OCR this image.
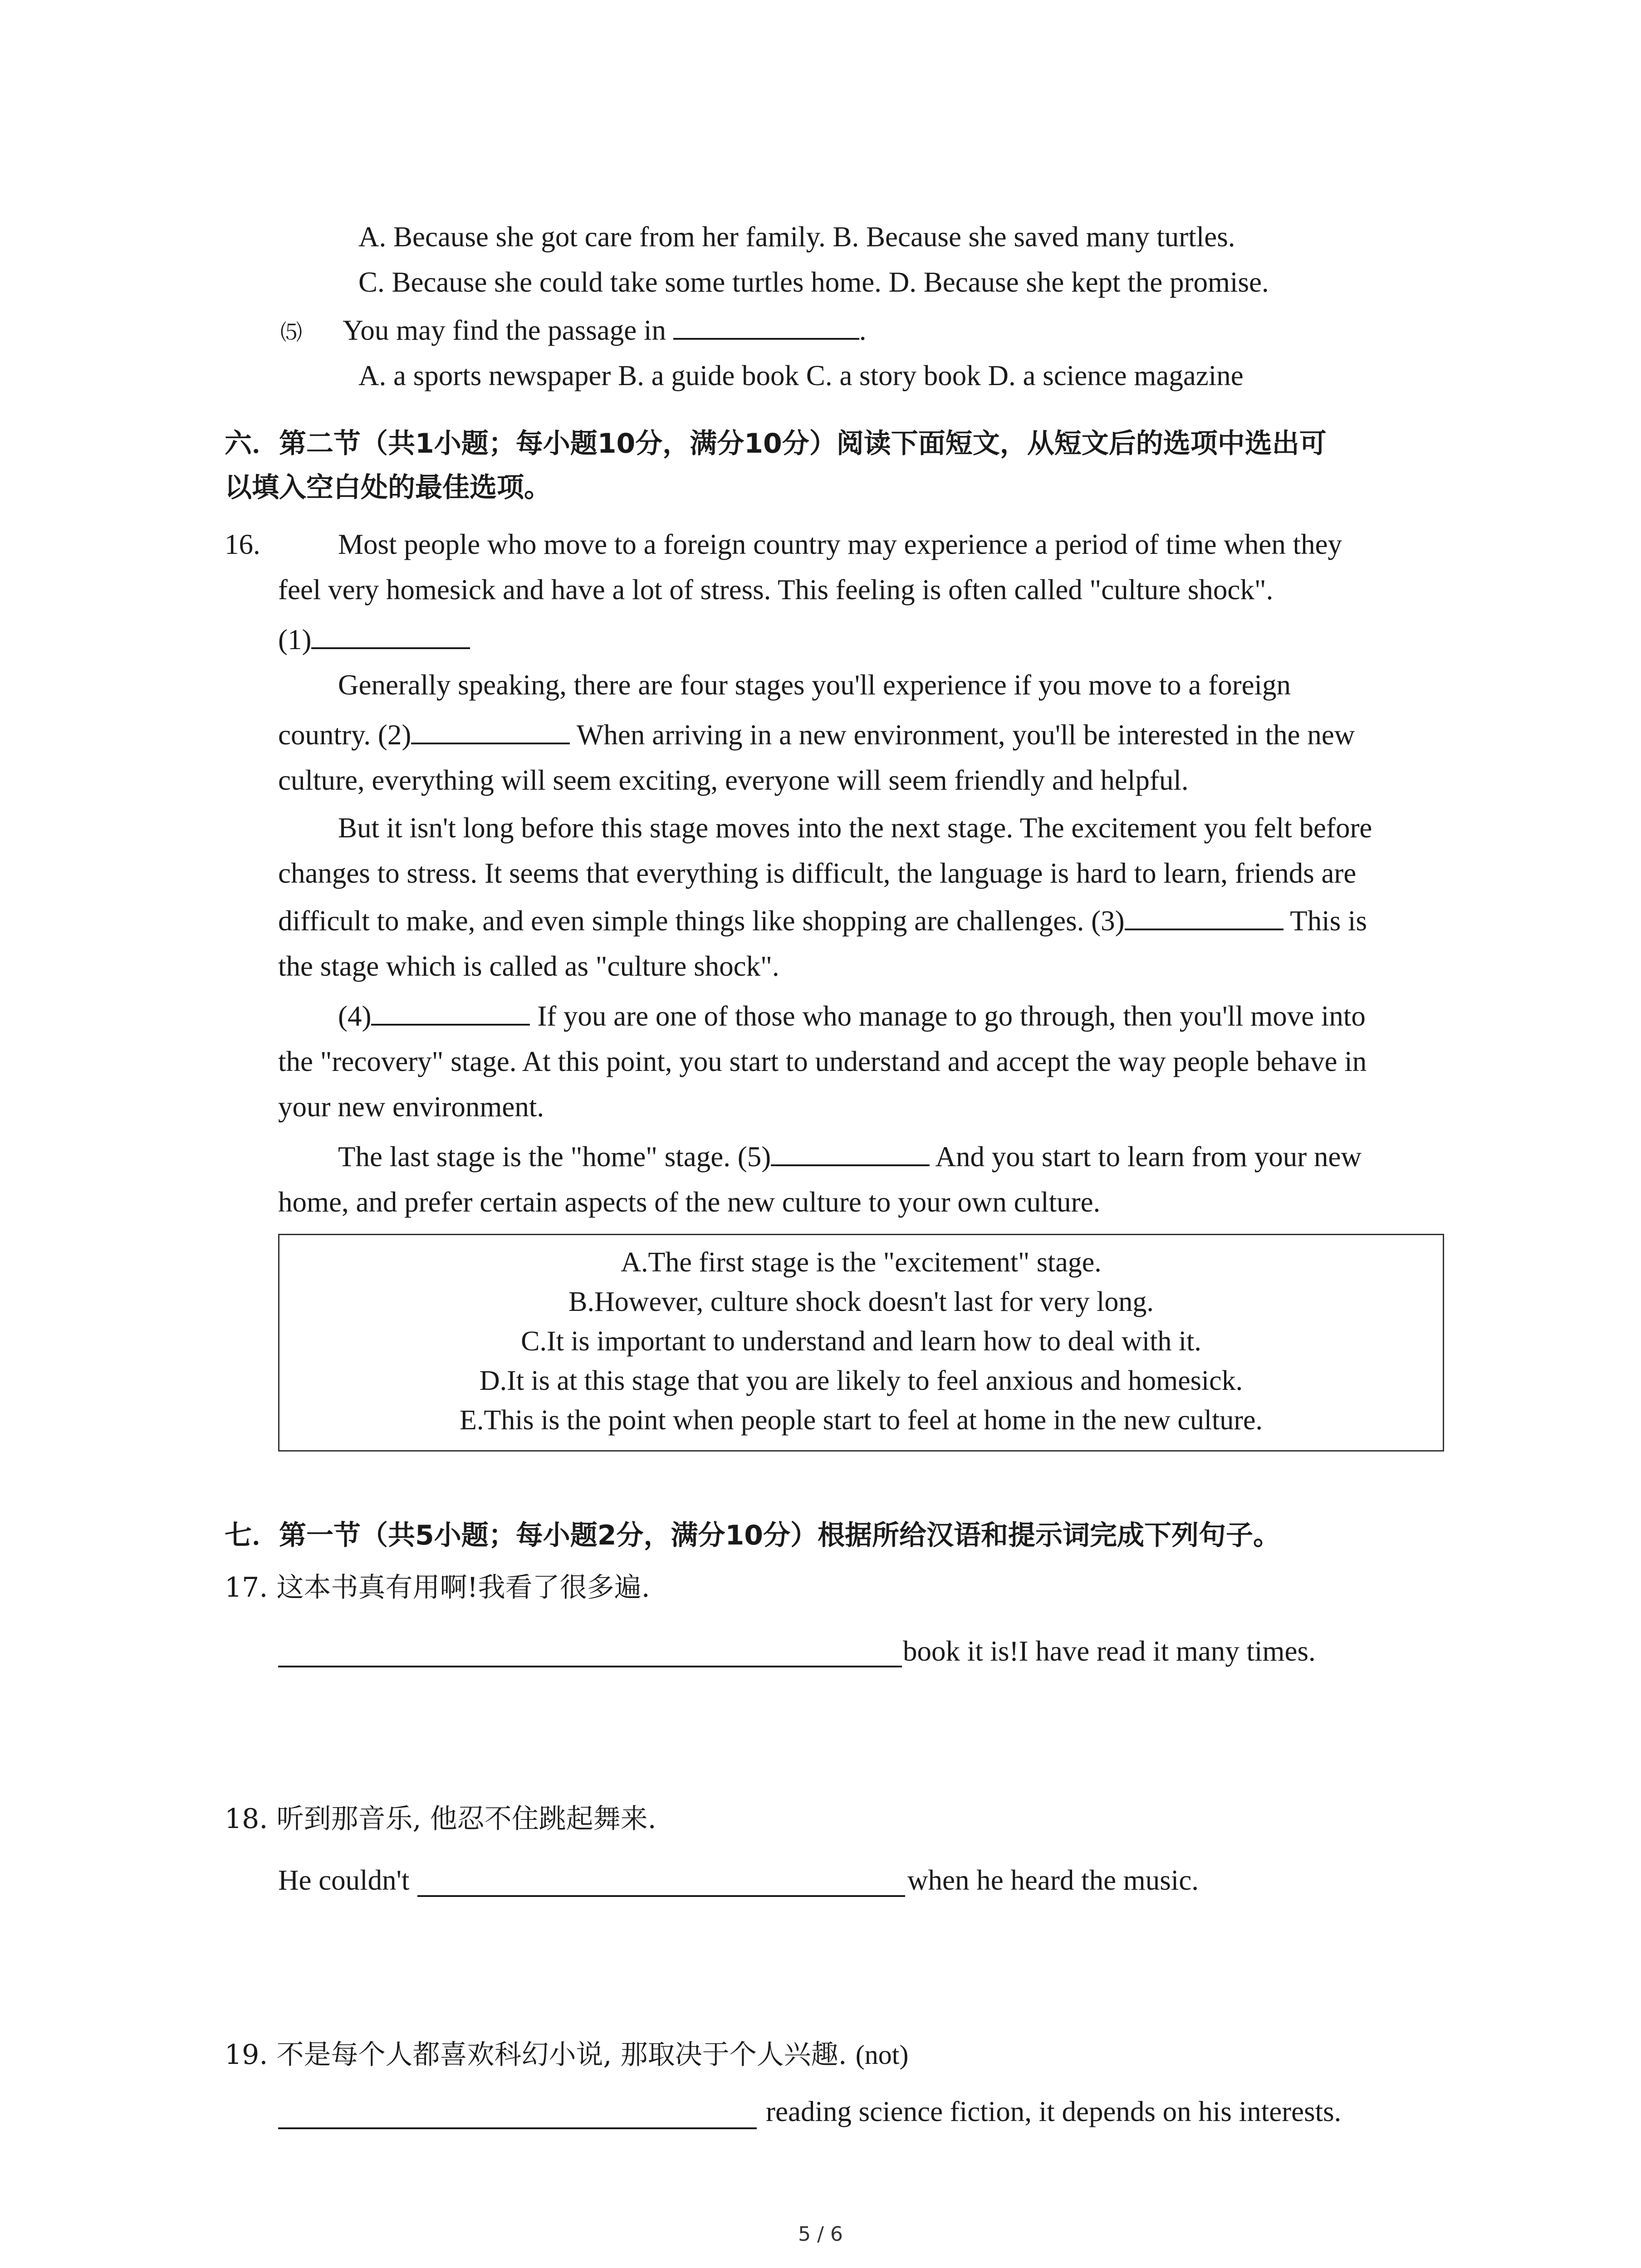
A. Because she got care from her family. B. Because she saved many turtles.
C. Because she could take some turtles home. D. Because she kept the promise.
⑸ You may find the passage in	.
A. a sports newspaper B. a guide book C. a story book D. a science magazine
六．第二节（共1小题；每小题10分，满分10分）阅读下面短文，从短文后的选项中选出可
以填入空白处的最佳选项。
16.	Most people who move to a foreign country may experience a period of time when they
feel very homesick and have a lot of stress. This feeling is often called "culture shock".
(1)
Generally speaking, there are four stages you'll experience if you move to a foreign
country. (2)	When arriving in a new environment, you'll be interested in the new
culture, everything will seem exciting, everyone will seem friendly and helpful.
But it isn't long before this stage moves into the next stage. The excitement you felt before
changes to stress. It seems that everything is difficult, the language is hard to learn, friends are
difficult to make, and even simple things like shopping are challenges. (3)	This is
the stage which is called as "culture shock".
(4)	If you are one of those who manage to go through, then you'll move into
the "recovery" stage. At this point, you start to understand and accept the way people behave in
your new environment.
The last stage is the "home" stage. (5)	And you start to learn from your new
home, and prefer certain aspects of the new culture to your own culture.
A.The first stage is the "excitement" stage.
B.However, culture shock doesn't last for very long.
C.It is important to understand and learn how to deal with it.
D.It is at this stage that you are likely to feel anxious and homesick.
E.This is the point when people start to feel at home in the new culture.
七．第一节（共5小题；每小题2分，满分10分）根据所给汉语和提示词完成下列句子。
17. 这本书真有用啊!我看了很多遍.
book it is!I have read it many times.
18. 听到那音乐, 他忍不住跳起舞来.
He couldn't	when he heard the music.
19. 不是每个人都喜欢科幻小说, 那取决于个人兴趣. (not)
reading science fiction, it depends on his interests.
5 / 6
